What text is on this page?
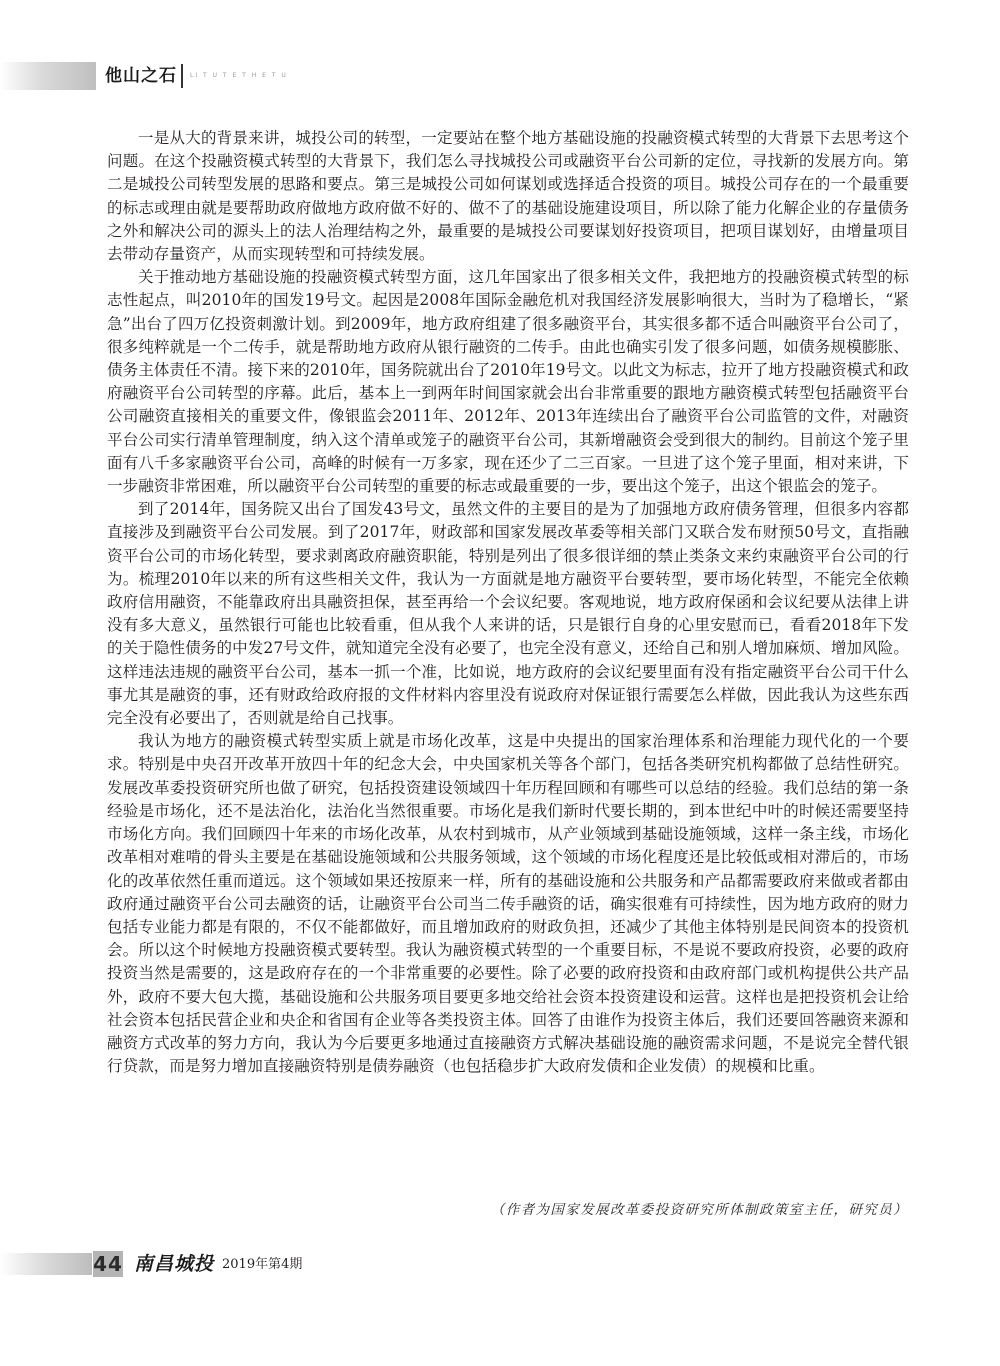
他山之石 LI T U T E T H E T U

一是从大的背景来讲，城投公司的转型，一定要站在整个地方基础设施的投融资模式转型的大背景下去思考这个问题。在这个投融资模式转型的大背景下，我们怎么寻找城投公司或融资平台公司新的定位，寻找新的发展方向。第二是城投公司转型发展的思路和要点。第三是城投公司如何谋划或选择适合投资的项目。城投公司存在的一个最重要的标志或理由就是要帮助政府做地方政府做不好的、做不了的基础设施建设项目，所以除了能力化解企业的存量债务之外和解决公司的源头上的法人治理结构之外，最重要的是城投公司要谋划好投资项目，把项目谋划好，由增量项目去带动存量资产，从而实现转型和可持续发展。

关于推动地方基础设施的投融资模式转型方面，这几年国家出了很多相关文件，我把地方的投融资模式转型的标志性起点，叫2010年的国发19号文。起因是2008年国际金融危机对我国经济发展影响很大，当时为了稳增长，“紧急”出台了四万亿投资刺激计划。到2009年，地方政府组建了很多融资平台，其实很多都不适合叫融资平台公司了，很多纯粹就是一个二传手，就是帮助地方政府从银行融资的二传手。由此也确实引发了很多问题，如债务规模膨胀、债务主体责任不清。接下来的2010年，国务院就出台了2010年19号文。以此文为标志，拉开了地方投融资模式和政府融资平台公司转型的序幕。此后，基本上一到两年时间国家就会出台非常重要的跟地方融资模式转型包括融资平台公司融资直接相关的重要文件，像银监会2011年、2012年、2013年连续出台了融资平台公司监管的文件，对融资平台公司实行清单管理制度，纳入这个清单或笼子的融资平台公司，其新增融资会受到很大的制约。目前这个笼子里面有八千多家融资平台公司，高峰的时候有一万多家，现在还少了二三百家。一旦进了这个笼子里面，相对来讲，下一步融资非常困难，所以融资平台公司转型的重要的标志或最重要的一步，要出这个笼子，出这个银监会的笼子。

到了2014年，国务院又出台了国发43号文，虽然文件的主要目的是为了加强地方政府债务管理，但很多内容都直接涉及到融资平台公司发展。到了2017年，财政部和国家发展改革委等相关部门又联合发布财预50号文，直指融资平台公司的市场化转型，要求剥离政府融资职能，特别是列出了很多很详细的禁止类条文来约束融资平台公司的行为。梳理2010年以来的所有这些相关文件，我认为一方面就是地方融资平台要转型，要市场化转型，不能完全依赖政府信用融资，不能靠政府出具融资担保，甚至再给一个会议纪要。客观地说，地方政府保函和会议纪要从法律上讲没有多大意义，虽然银行可能也比较看重，但从我个人来讲的话，只是银行自身的心里安慰而已，看看2018年下发的关于隐性债务的中发27号文件，就知道完全没有必要了，也完全没有意义，还给自己和别人增加麻烦、增加风险。这样违法违规的融资平台公司，基本一抓一个准，比如说，地方政府的会议纪要里面有没有指定融资平台公司干什么事尤其是融资的事，还有财政给政府报的文件材料内容里没有说政府对保证银行需要怎么样做，因此我认为这些东西完全没有必要出了，否则就是给自己找事。

我认为地方的融资模式转型实质上就是市场化改革，这是中央提出的国家治理体系和治理能力现代化的一个要求。特别是中央召开改革开放四十年的纪念大会，中央国家机关等各个部门，包括各类研究机构都做了总结性研究。发展改革委投资研究所也做了研究，包括投资建设领域四十年历程回顾和有哪些可以总结的经验。我们总结的第一条经验是市场化，还不是法治化，法治化当然很重要。市场化是我们新时代要长期的，到本世纪中叶的时候还需要坚持市场化方向。我们回顾四十年来的市场化改革，从农村到城市，从产业领域到基础设施领域，这样一条主线，市场化改革相对难啃的骨头主要是在基础设施领域和公共服务领域，这个领域的市场化程度还是比较低或相对滞后的，市场化的改革依然任重而道远。这个领域如果还按原来一样，所有的基础设施和公共服务和产品都需要政府来做或者都由政府通过融资平台公司去融资的话，让融资平台公司当二传手融资的话，确实很难有可持续性，因为地方政府的财力包括专业能力都是有限的，不仅不能都做好，而且增加政府的财政负担，还减少了其他主体特别是民间资本的投资机会。所以这个时候地方投融资模式要转型。我认为融资模式转型的一个重要目标，不是说不要政府投资，必要的政府投资当然是需要的，这是政府存在的一个非常重要的必要性。除了必要的政府投资和由政府部门或机构提供公共产品外，政府不要大包大揽，基础设施和公共服务项目要更多地交给社会资本投资建设和运营。这样也是把投资机会让给社会资本包括民营企业和央企和省国有企业等各类投资主体。回答了由谁作为投资主体后，我们还要回答融资来源和融资方式改革的努力方向，我认为今后要更多地通过直接融资方式解决基础设施的融资需求问题，不是说完全替代银行贷款，而是努力增加直接融资特别是债券融资（也包括稳步扩大政府发债和企业发债）的规模和比重。

（作者为国家发展改革委投资研究所体制政策室主任，研究员）
44 南昌城投 2019年第4期
